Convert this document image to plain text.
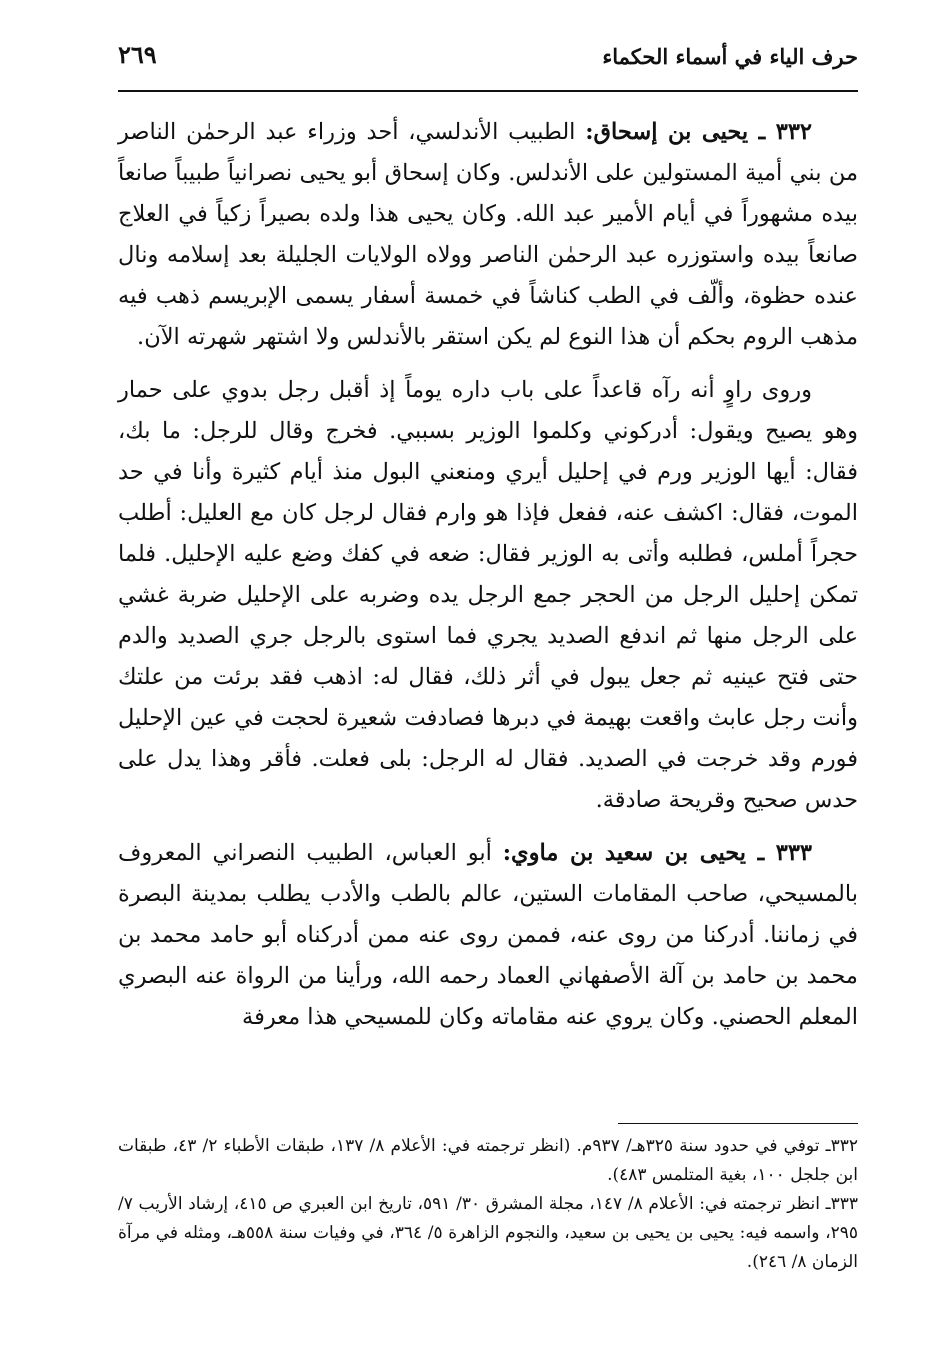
حرف الياء في أسماء الحكماء
٢٦٩

٣٣٢ ـ يحيى بن إسحاق: الطبيب الأندلسي، أحد وزراء عبد الرحمٰن الناصر من بني أمية المستولين على الأندلس. وكان إسحاق أبو يحيى نصرانياً طبيباً صانعاً بيده مشهوراً في أيام الأمير عبد الله. وكان يحيى هذا ولده بصيراً زكياً في العلاج صانعاً بيده واستوزره عبد الرحمٰن الناصر وولاه الولايات الجليلة بعد إسلامه ونال عنده حظوة، وألّف في الطب كناشاً في خمسة أسفار يسمى الإبريسم ذهب فيه مذهب الروم بحكم أن هذا النوع لم يكن استقر بالأندلس ولا اشتهر شهرته الآن.

وروى راوٍ أنه رآه قاعداً على باب داره يوماً إذ أقبل رجل بدوي على حمار وهو يصيح ويقول: أدركوني وكلموا الوزير بسببي. فخرج وقال للرجل: ما بك، فقال: أيها الوزير ورم في إحليل أيري ومنعني البول منذ أيام كثيرة وأنا في حد الموت، فقال: اكشف عنه، ففعل فإذا هو وارم فقال لرجل كان مع العليل: أطلب حجراً أملس، فطلبه وأتى به الوزير فقال: ضعه في كفك وضع عليه الإحليل. فلما تمكن إحليل الرجل من الحجر جمع الرجل يده وضربه على الإحليل ضربة غشي على الرجل منها ثم اندفع الصديد يجري فما استوى بالرجل جري الصديد والدم حتى فتح عينيه ثم جعل يبول في أثر ذلك، فقال له: اذهب فقد برئت من علتك وأنت رجل عابث واقعت بهيمة في دبرها فصادفت شعيرة لحجت في عين الإحليل فورم وقد خرجت في الصديد. فقال له الرجل: بلى فعلت. فأقر وهذا يدل على حدس صحيح وقريحة صادقة.

٣٣٣ ـ يحيى بن سعيد بن ماوي: أبو العباس، الطبيب النصراني المعروف بالمسيحي، صاحب المقامات الستين، عالم بالطب والأدب يطلب بمدينة البصرة في زماننا. أدركنا من روى عنه، فممن روى عنه ممن أدركناه أبو حامد محمد بن محمد بن حامد بن آلة الأصفهاني العماد رحمه الله، ورأينا من الرواة عنه البصري المعلم الحصني. وكان يروي عنه مقاماته وكان للمسيحي هذا معرفة

٣٣٢ـ توفي في حدود سنة ٣٢٥هـ/ ٩٣٧م. (انظر ترجمته في: الأعلام ٨/ ١٣٧، طبقات الأطباء ٢/ ٤٣، طبقات ابن جلجل ١٠٠، بغية المتلمس ٤٨٣).

٣٣٣ـ انظر ترجمته في: الأعلام ٨/ ١٤٧، مجلة المشرق ٣٠/ ٥٩١، تاريخ ابن العبري ص ٤١٥، إرشاد الأريب ٧/ ٢٩٥، واسمه فيه: يحيى بن يحيى بن سعيد، والنجوم الزاهرة ٥/ ٣٦٤، في وفيات سنة ٥٥٨هـ، ومثله في مرآة الزمان ٨/ ٢٤٦).
